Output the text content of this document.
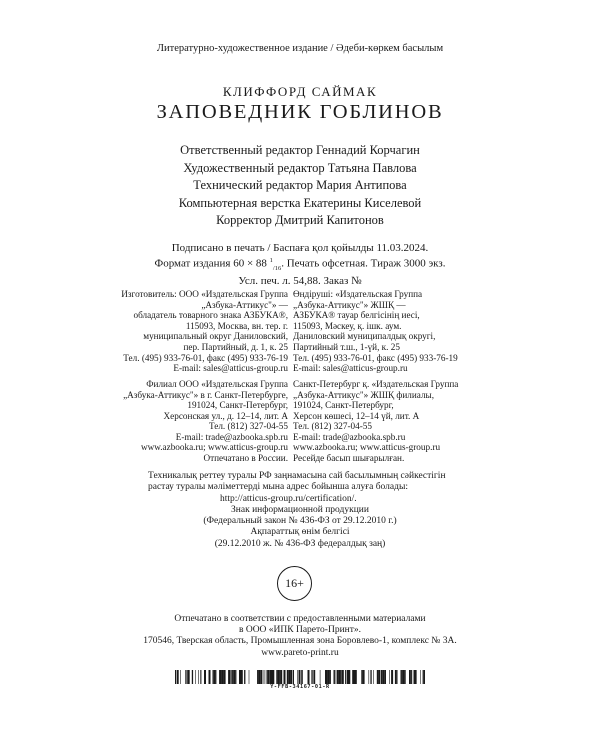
Литературно-художественное издание / Әдеби-көркем басылым
КЛИФФОРД САЙМАК
ЗАПОВЕДНИК ГОБЛИНОВ
Ответственный редактор Геннадий Корчагин
Художественный редактор Татьяна Павлова
Технический редактор Мария Антипова
Компьютерная верстка Екатерины Киселевой
Корректор Дмитрий Капитонов
Подписано в печать / Баспаға қол қойылды 11.03.2024.
Формат издания 60 × 88 $^1_{/16}$. Печать офсетная. Тираж 3000 экз.
Усл. печ. л. 54,88. Заказ №
Изготовитель: ООО «Издательская Группа
„Азбука-Аттикус"» —
обладатель товарного знака АЗБУКА®,
115093, Москва, вн. тер. г.
муниципальный округ Даниловский,
пер. Партийный, д. 1, к. 25
Тел. (495) 933-76-01, факс (495) 933-76-19
E-mail: sales@atticus-group.ru
Филиал ООО «Издательская Группа
„Азбука-Аттикус"» в г. Санкт-Петербурге,
191024, Санкт-Петербург,
Херсонская ул., д. 12–14, лит. А
Тел. (812) 327-04-55
E-mail: trade@azbooka.spb.ru
www.azbooka.ru; www.atticus-group.ru
Отпечатано в России.
Өндіруші: «Издательская Группа
„Азбука-Аттикус"» ЖШҚ —
АЗБУКА® тауар белгісінің иесі,
115093, Мәскеу, қ. ішк. аум.
Даниловский муниципалдық округі,
Партийный т.ш., 1-үй, к. 25
Тел. (495) 933-76-01, факс (495) 933-76-19
E-mail: sales@atticus-group.ru
Санкт-Петербург қ. «Издательская Группа
„Азбука-Аттикус"» ЖШҚ филиалы,
191024, Санкт-Петербург,
Херсон көшесі, 12–14 үй, лит. А
Тел. (812) 327-04-55
E-mail: trade@azbooka.spb.ru
www.azbooka.ru; www.atticus-group.ru
Ресейде басып шығарылған.
Техникалық реттеу туралы РФ заңнамасына сай басылымның сәйкестігін
растау туралы мәліметтерді мына адрес бойынша алуға болады:
http://atticus-group.ru/certification/.
Знак информационной продукции
(Федеральный закон № 436-ФЗ от 29.12.2010 г.)
Ақпараттық өнім белгісі
(29.12.2010 ж. № 436-ФЗ федералдық заң)
16+
Отпечатано в соответствии с предоставленными материалами
в ООО «ИПК Парето-Принт».
170546, Тверская область, Промышленная зона Боровлево-1, комплекс № 3А.
www.pareto-print.ru
Y-FFB-34167-01-R
